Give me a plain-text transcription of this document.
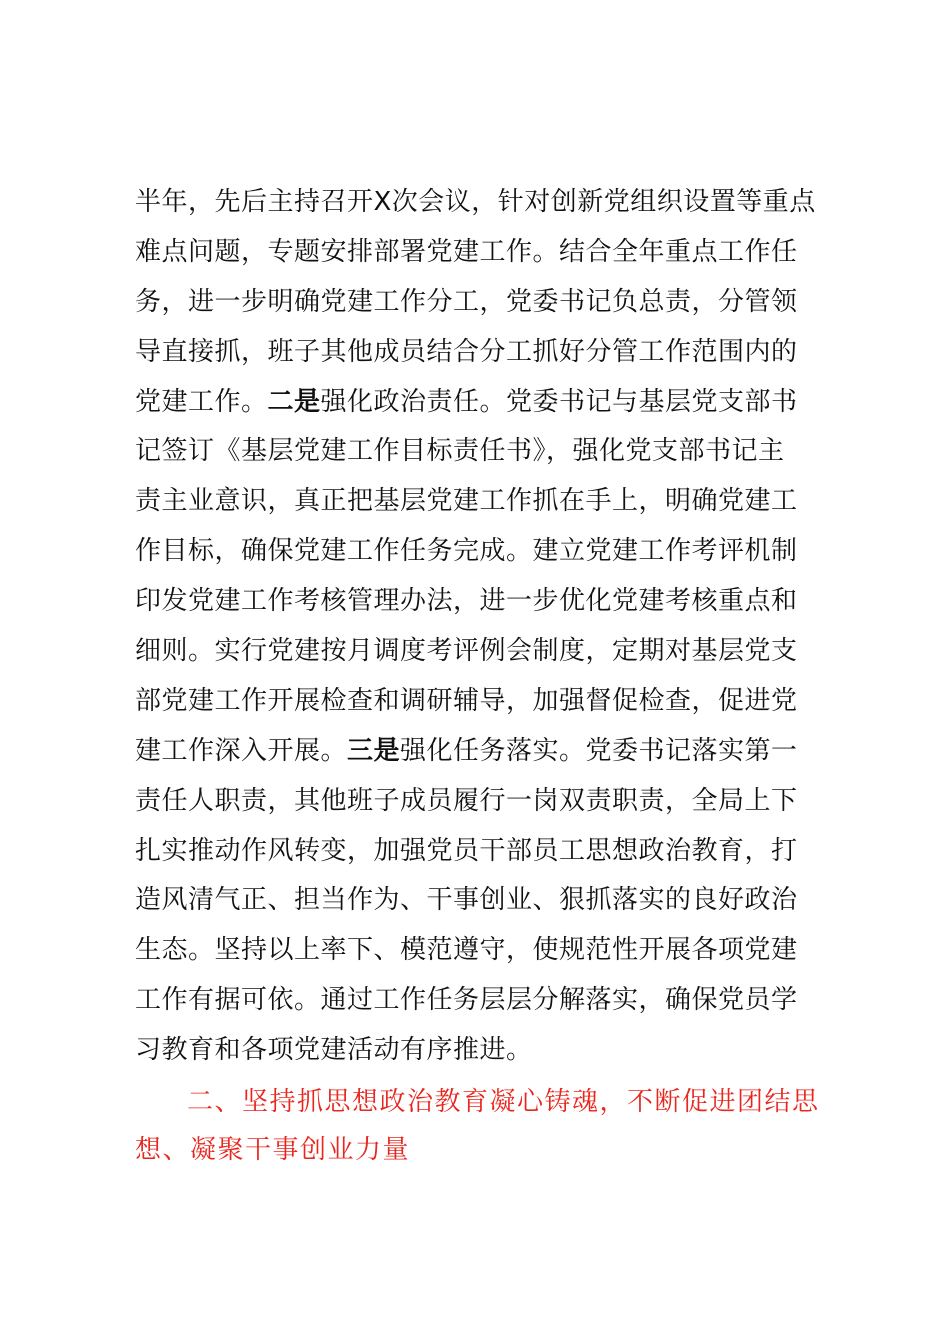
半年，先后主持召开X次会议，针对创新党组织设置等重点
难点问题，专题安排部署党建工作。结合全年重点工作任
务，进一步明确党建工作分工，党委书记负总责，分管领
导直接抓，班子其他成员结合分工抓好分管工作范围内的
党建工作。二是强化政治责任。党委书记与基层党支部书
记签订《基层党建工作目标责任书》，强化党支部书记主
责主业意识，真正把基层党建工作抓在手上，明确党建工
作目标，确保党建工作任务完成。建立党建工作考评机制
印发党建工作考核管理办法，进一步优化党建考核重点和
细则。实行党建按月调度考评例会制度，定期对基层党支
部党建工作开展检查和调研辅导，加强督促检查，促进党
建工作深入开展。三是强化任务落实。党委书记落实第一
责任人职责，其他班子成员履行一岗双责职责，全局上下
扎实推动作风转变，加强党员干部员工思想政治教育，打
造风清气正、担当作为、干事创业、狠抓落实的良好政治
生态。坚持以上率下、模范遵守，使规范性开展各项党建
工作有据可依。通过工作任务层层分解落实，确保党员学
习教育和各项党建活动有序推进。
二、坚持抓思想政治教育凝心铸魂，不断促进团结思
想、凝聚干事创业力量
